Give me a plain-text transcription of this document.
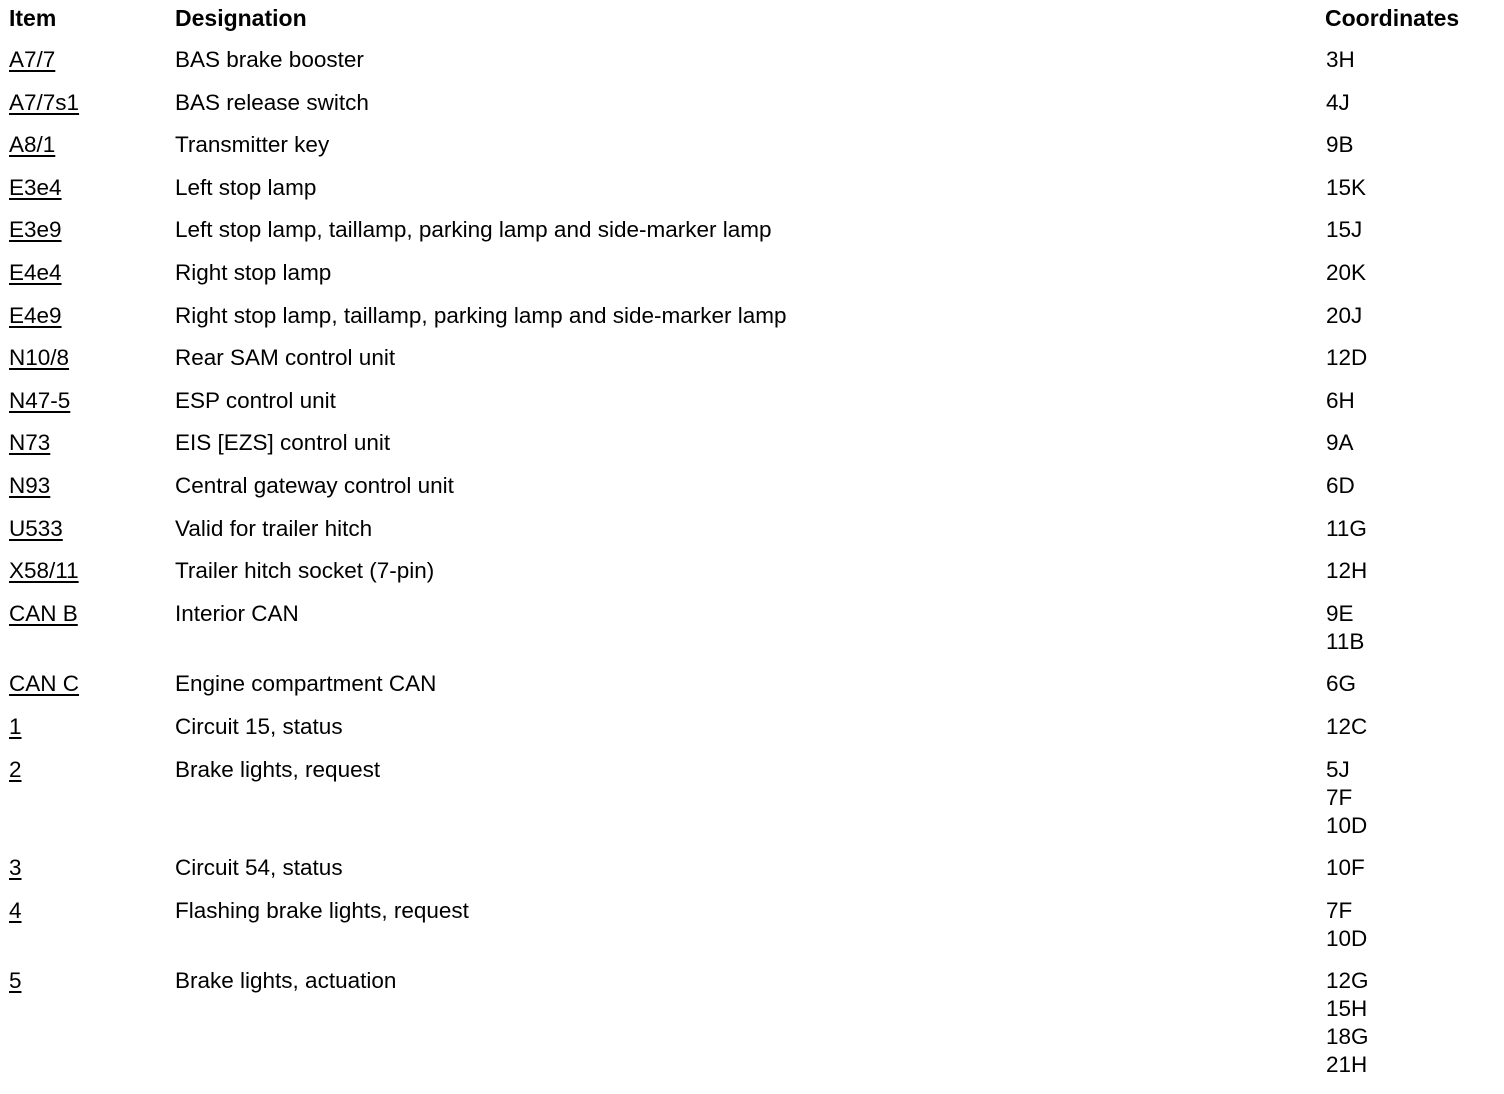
Item	Designation	Coordinates
A7/7	BAS brake booster	3H
A7/7s1	BAS release switch	4J
A8/1	Transmitter key	9B
E3e4	Left stop lamp	15K
E3e9	Left stop lamp, taillamp, parking lamp and side-marker lamp	15J
E4e4	Right stop lamp	20K
E4e9	Right stop lamp, taillamp, parking lamp and side-marker lamp	20J
N10/8	Rear SAM control unit	12D
N47-5	ESP control unit	6H
N73	EIS [EZS] control unit	9A
N93	Central gateway control unit	6D
U533	Valid for trailer hitch	11G
X58/11	Trailer hitch socket (7-pin)	12H
CAN B	Interior CAN	9E
11B
CAN C	Engine compartment CAN	6G
1	Circuit 15, status	12C
2	Brake lights, request	5J
7F
10D
3	Circuit 54, status	10F
4	Flashing brake lights, request	7F
10D
5	Brake lights, actuation	12G
15H
18G
21H
